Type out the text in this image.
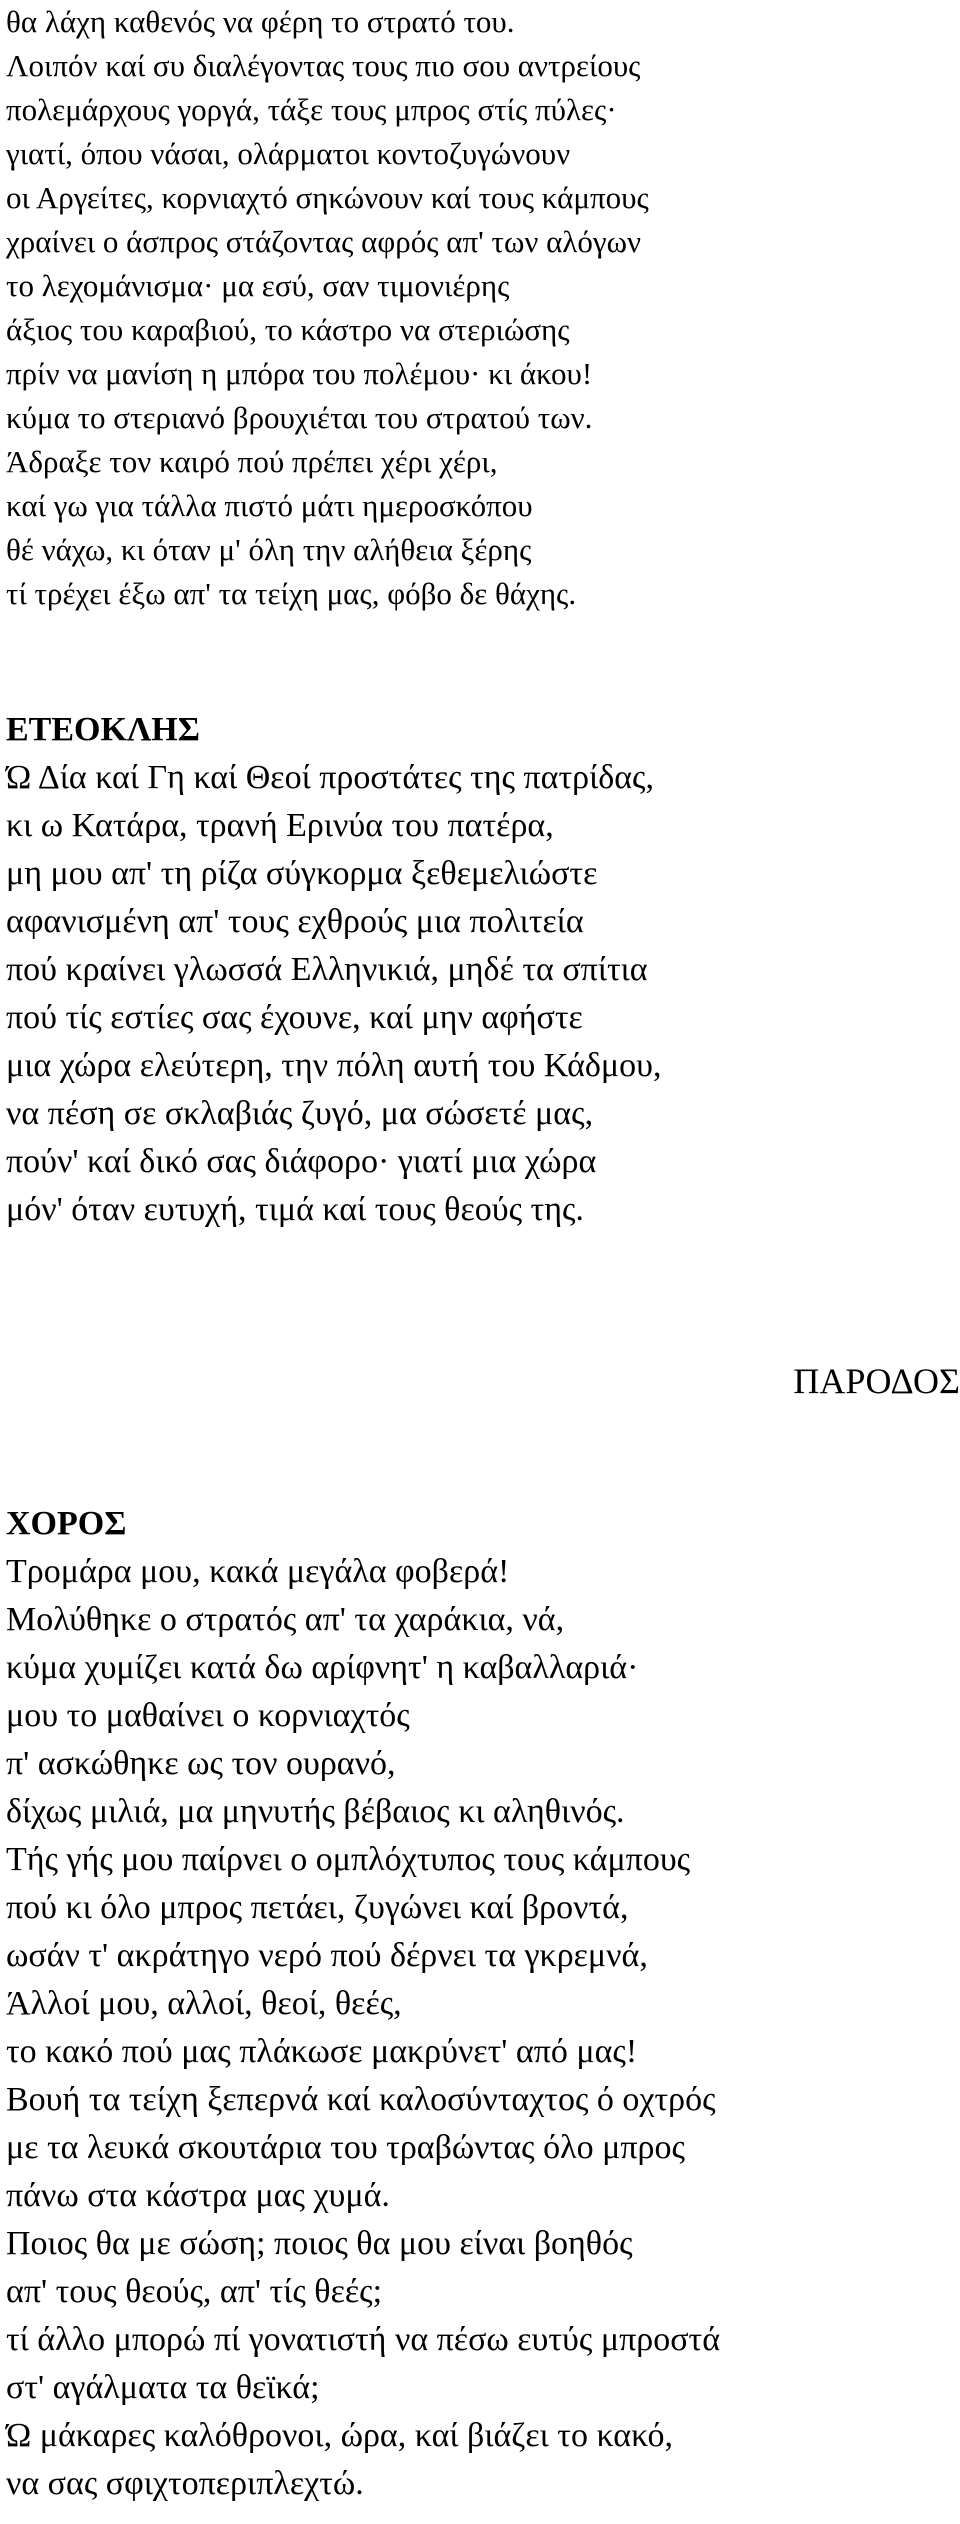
θα λάχη καθενός να φέρη το στρατό του.
Λοιπόν καί συ διαλέγοντας τους πιο σου αντρείους
πολεμάρχους γοργά, τάξε τους μπρος στίς πύλες·
γιατί, όπου νάσαι, ολάρματοι κοντοζυγώνουν
οι Αργείτες, κορνιαχτό σηκώνουν καί τους κάμπους
χραίνει ο άσπρος στάζοντας αφρός απ' των αλόγων
το λεχομάνισμα· μα εσύ, σαν τιμονιέρης
άξιος του καραβιού, το κάστρο να στεριώσης
πρίν να μανίση η μπόρα του πολέμου· κι άκου!
κύμα το στεριανό βρουχιέται του στρατού των.
Άδραξε τον καιρό πού πρέπει χέρι χέρι,
καί γω για τάλλα πιστό μάτι ημεροσκόπου
θέ νάχω, κι όταν μ' όλη την αλήθεια ξέρης
τί τρέχει έξω απ' τα τείχη μας, φόβο δε θάχης.
ΕΤΕΟΚΛΗΣ
Ώ Δία καί Γη καί Θεοί προστάτες της πατρίδας,
κι ω Κατάρα, τρανή Ερινύα του πατέρα,
μη μου απ' τη ρίζα σύγκορμα ξεθεμελιώστε
αφανισμένη απ' τους εχθρούς μια πολιτεία
πού κραίνει γλωσσά Ελληνικιά, μηδέ τα σπίτια
πού τίς εστίες σας έχουνε, καί μην αφήστε
μια χώρα ελεύτερη, την πόλη αυτή του Κάδμου,
να πέση σε σκλαβιάς ζυγό, μα σώσετέ μας,
πούν' καί δικό σας διάφορο· γιατί μια χώρα
μόν' όταν ευτυχή, τιμά καί τους θεούς της.
ΠΑΡΟΔΟΣ
ΧΟΡΟΣ
Τρομάρα μου, κακά μεγάλα φοβερά!
Μολύθηκε ο στρατός απ' τα χαράκια, νά,
κύμα χυμίζει κατά δω αρίφνητ' η καβαλλαριά·
μου το μαθαίνει ο κορνιαχτός
π' ασκώθηκε ως τον ουρανό,
δίχως μιλιά, μα μηνυτής βέβαιος κι αληθινός.
Τής γής μου παίρνει ο ομπλόχτυπος τους κάμπους
πού κι όλο μπρος πετάει, ζυγώνει καί βροντά,
ωσάν τ' ακράτηγο νερό πού δέρνει τα γκρεμνά,
Άλλοί μου, αλλοί, θεοί, θεές,
το κακό πού μας πλάκωσε μακρύνετ' από μας!
Βουή τα τείχη ξεπερνά καί καλοσύνταχτος ό οχτρός
με τα λευκά σκουτάρια του τραβώντας όλο μπρος
πάνω στα κάστρα μας χυμά.
Ποιος θα με σώση; ποιος θα μου είναι βοηθός
απ' τους θεούς, απ' τίς θεές;
τί άλλο μπορώ πί γονατιστή να πέσω ευτύς μπροστά
στ' αγάλματα τα θεϊκά;
Ώ μάκαρες καλόθρονοι, ώρα, καί βιάζει το κακό,
να σας σφιχτοπεριπλεχτώ.
